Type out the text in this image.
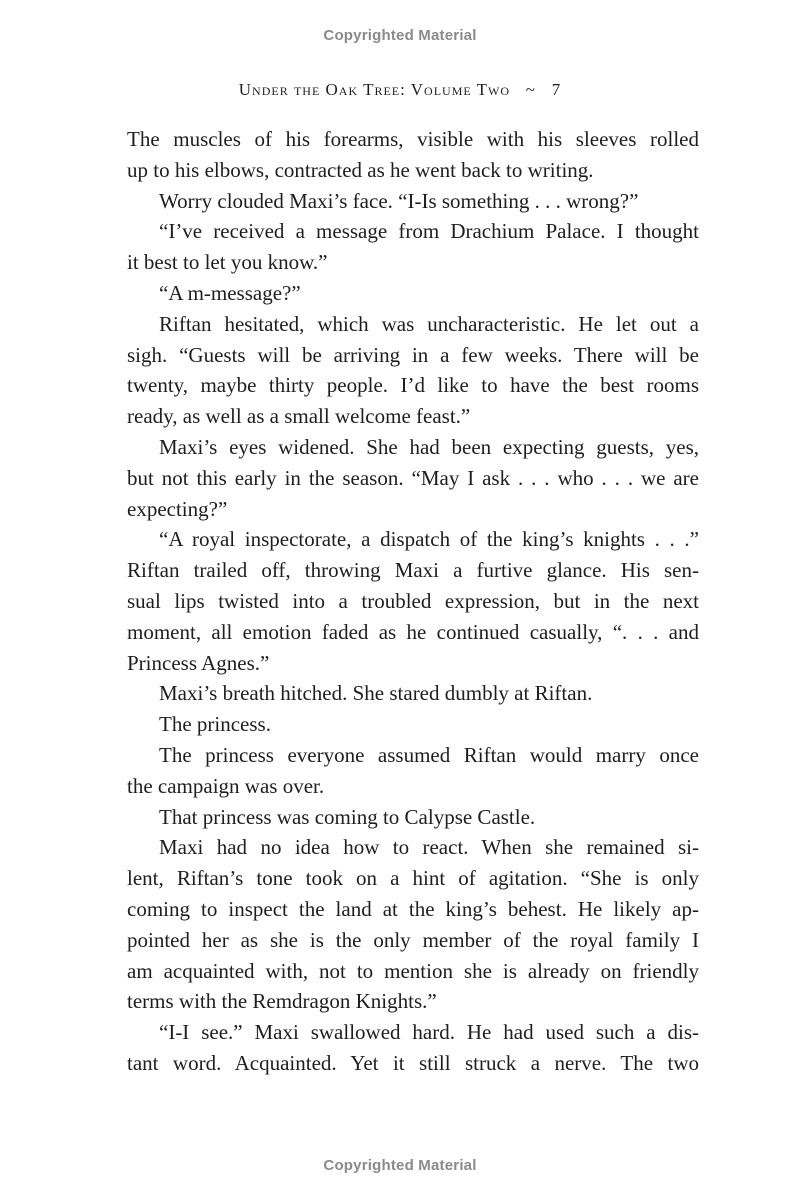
Copyrighted Material
Under the Oak Tree: Volume Two ~ 7
The muscles of his forearms, visible with his sleeves rolled
up to his elbows, contracted as he went back to writing.
Worry clouded Maxi’s face. “I-Is something . . . wrong?”
“I’ve received a message from Drachium Palace. I thought
it best to let you know.”
“A m-message?”
Riftan hesitated, which was uncharacteristic. He let out a
sigh. “Guests will be arriving in a few weeks. There will be
twenty, maybe thirty people. I’d like to have the best rooms
ready, as well as a small welcome feast.”
Maxi’s eyes widened. She had been expecting guests, yes,
but not this early in the season. “May I ask . . . who . . . we are
expecting?”
“A royal inspectorate, a dispatch of the king’s knights . . .”
Riftan trailed off, throwing Maxi a furtive glance. His sen-
sual lips twisted into a troubled expression, but in the next
moment, all emotion faded as he continued casually, “. . . and
Princess Agnes.”
Maxi’s breath hitched. She stared dumbly at Riftan.
The princess.
The princess everyone assumed Riftan would marry once
the campaign was over.
That princess was coming to Calypse Castle.
Maxi had no idea how to react. When she remained si-
lent, Riftan’s tone took on a hint of agitation. “She is only
coming to inspect the land at the king’s behest. He likely ap-
pointed her as she is the only member of the royal family I
am acquainted with, not to mention she is already on friendly
terms with the Remdragon Knights.”
“I-I see.” Maxi swallowed hard. He had used such a dis-
tant word. Acquainted. Yet it still struck a nerve. The two
Copyrighted Material
